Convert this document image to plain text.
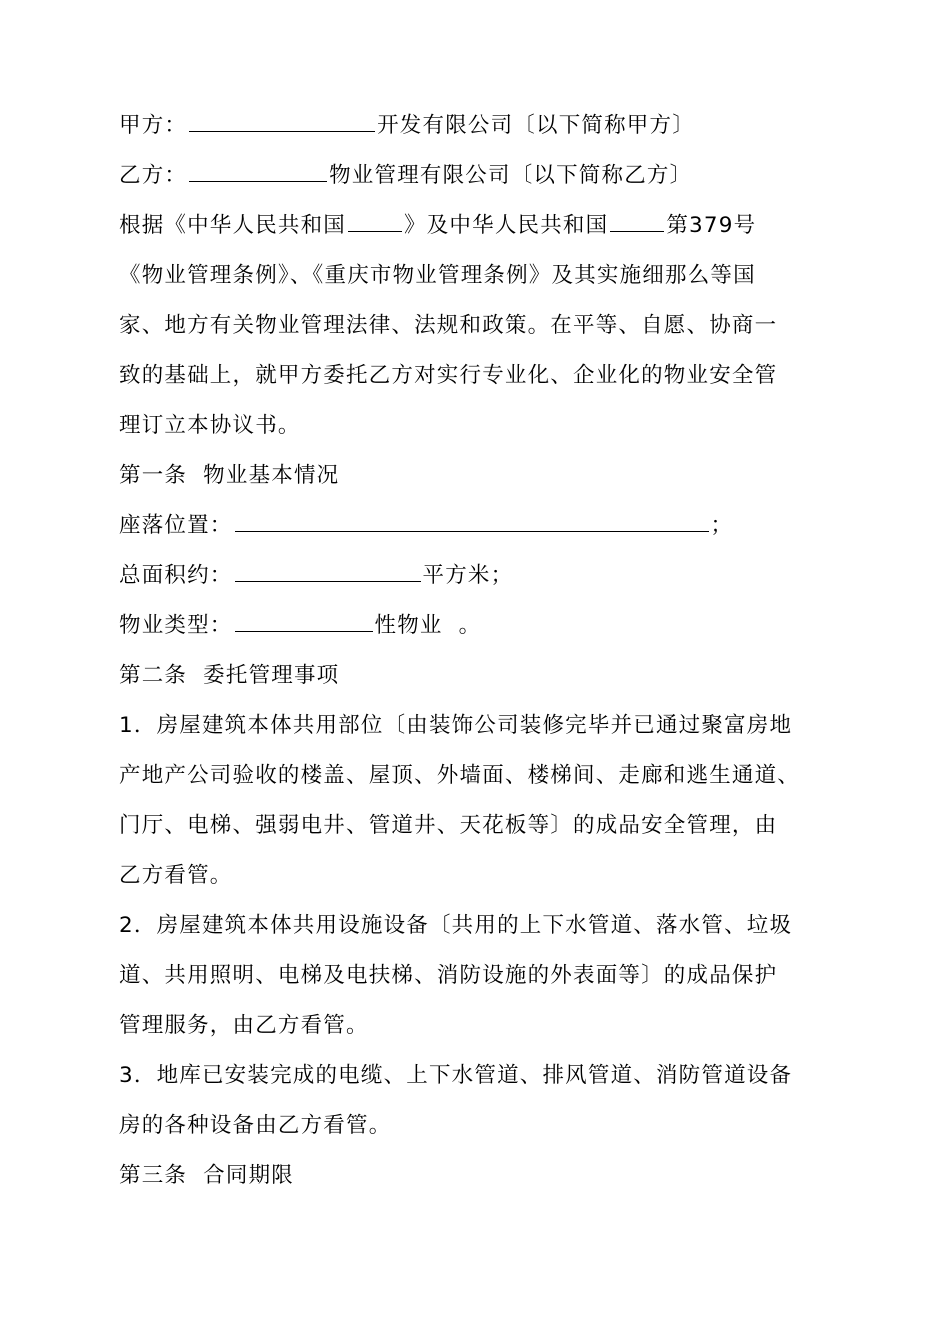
甲方：	开发有限公司〔以下简称甲方〕
乙方：	物业管理有限公司〔以下简称乙方〕
根据《中华人民共和国	》及中华人民共和国	第379号
《物业管理条例》、《重庆市物业管理条例》及其实施细那么等国
家、地方有关物业管理法律、法规和政策。在平等、自愿、协商一
致的基础上，就甲方委托乙方对实行专业化、企业化的物业安全管
理订立本协议书。
第一条  物业基本情况
座落位置：	；
总面积约：	平方米；
物业类型：	性物业  。
第二条  委托管理事项
1．房屋建筑本体共用部位〔由装饰公司装修完毕并已通过聚富房地
产地产公司验收的楼盖、屋顶、外墙面、楼梯间、走廊和逃生通道、
门厅、电梯、强弱电井、管道井、天花板等〕的成品安全管理，由
乙方看管。
2．房屋建筑本体共用设施设备〔共用的上下水管道、落水管、垃圾
道、共用照明、电梯及电扶梯、消防设施的外表面等〕的成品保护
管理服务，由乙方看管。
3．地库已安装完成的电缆、上下水管道、排风管道、消防管道设备
房的各种设备由乙方看管。
第三条  合同期限
